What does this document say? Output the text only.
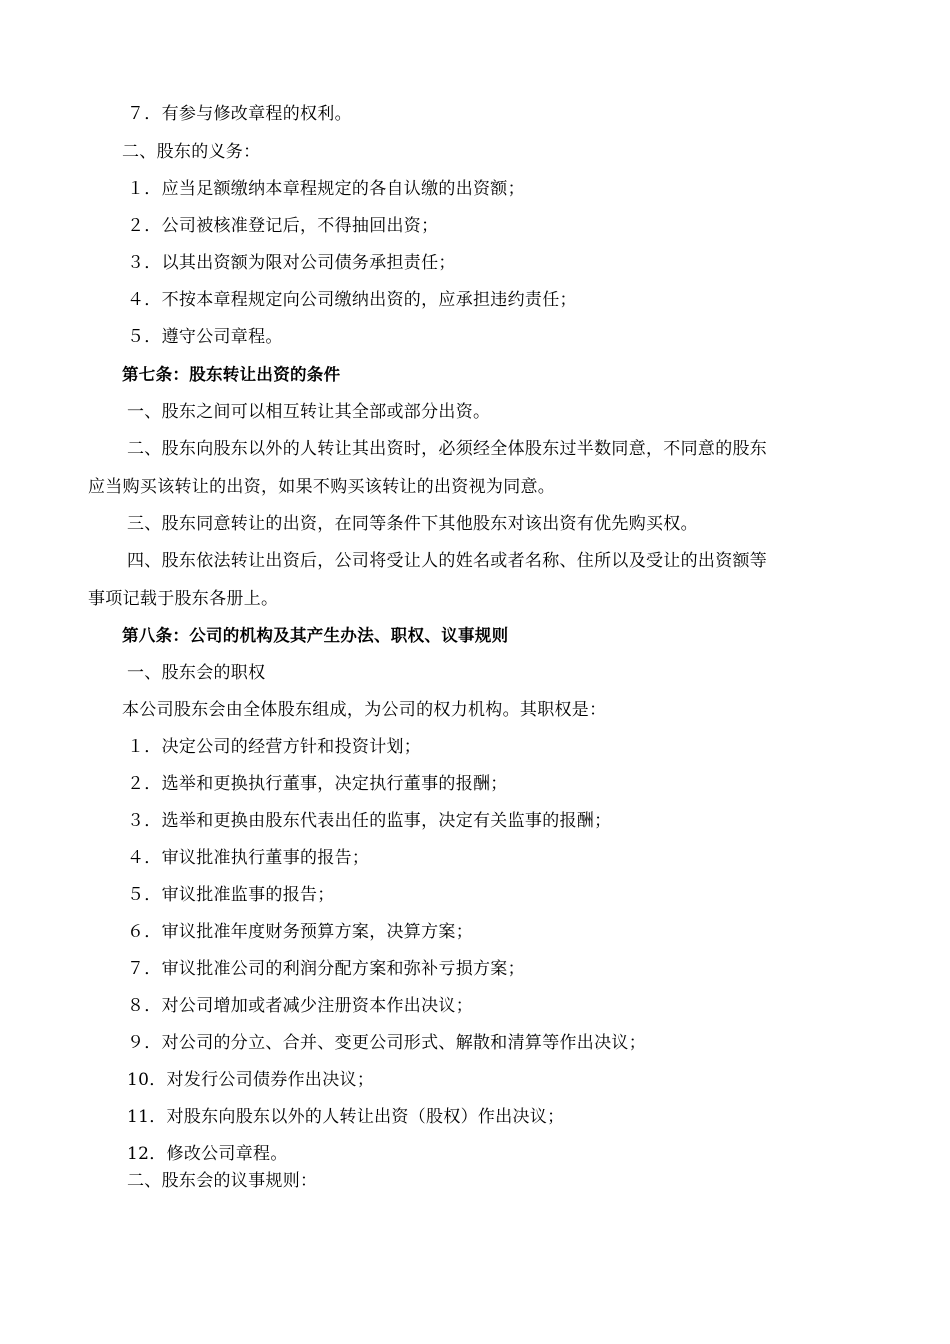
７．有参与修改章程的权利。
二、股东的义务：
１．应当足额缴纳本章程规定的各自认缴的出资额；
２．公司被核准登记后，不得抽回出资；
３．以其出资额为限对公司债务承担责任；
４．不按本章程规定向公司缴纳出资的，应承担违约责任；
５．遵守公司章程。
第七条：股东转让出资的条件
一、股东之间可以相互转让其全部或部分出资。
二、股东向股东以外的人转让其出资时，必须经全体股东过半数同意，不同意的股东
应当购买该转让的出资，如果不购买该转让的出资视为同意。
三、股东同意转让的出资，在同等条件下其他股东对该出资有优先购买权。
四、股东依法转让出资后，公司将受让人的姓名或者名称、住所以及受让的出资额等
事项记载于股东各册上。
第八条：公司的机构及其产生办法、职权、议事规则
一、股东会的职权
本公司股东会由全体股东组成，为公司的权力机构。其职权是：
１．决定公司的经营方针和投资计划；
２．选举和更换执行董事，决定执行董事的报酬；
３．选举和更换由股东代表出任的监事，决定有关监事的报酬；
４．审议批准执行董事的报告；
５．审议批准监事的报告；
６．审议批准年度财务预算方案，决算方案；
７．审议批准公司的利润分配方案和弥补亏损方案；
８．对公司增加或者减少注册资本作出决议；
９．对公司的分立、合并、变更公司形式、解散和清算等作出决议；
10．对发行公司债券作出决议；
11．对股东向股东以外的人转让出资（股权）作出决议；
12．修改公司章程。
二、股东会的议事规则：
